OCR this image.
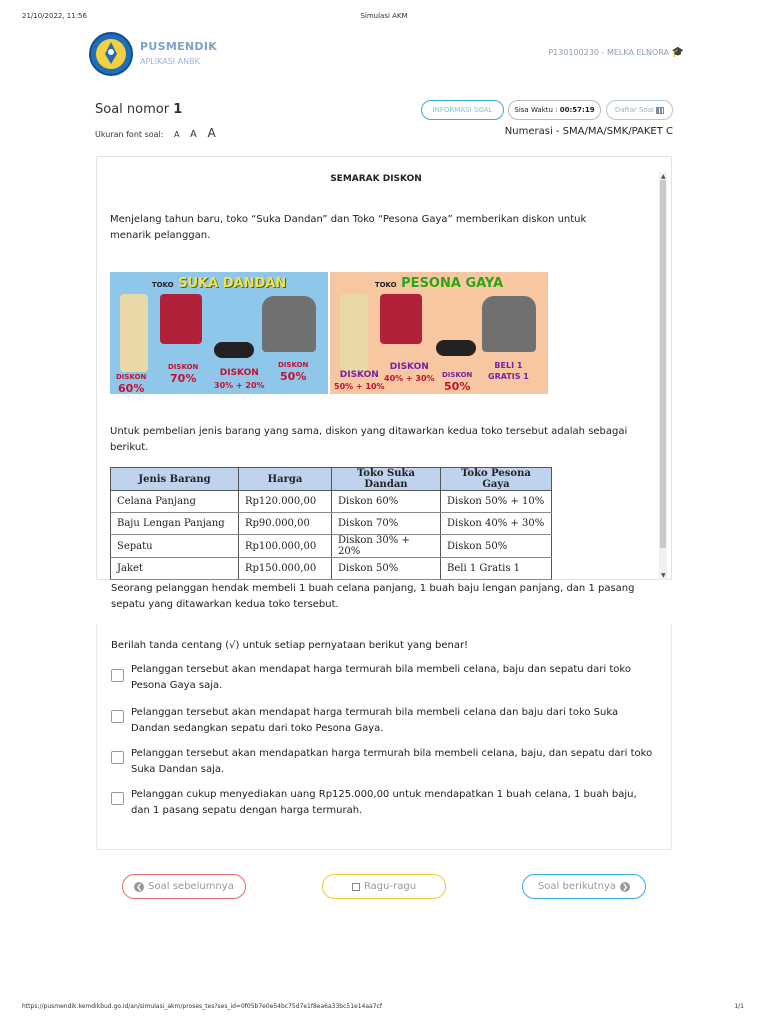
21/10/2022, 11:56	Simulasi AKM
PUSMENDIK
APLIKASI ANBK
P130100230 - MELKA ELNORA 🎓
Soal nomor 1
Ukuran font soal: A A A
INFORMASI SOAL	Sisa Waktu :
00:57:19	Daftar Soal

Numerasi - SMA/MA/SMK/PAKET C
▲
▼
SEMARAK DISKON
Menjelang tahun baru, toko “Suka Dandan” dan Toko “Pesona Gaya” memberikan diskon untuk menarik pelanggan.
TOKO SUKA DANDAN
DISKON
60%
DISKON
70%	DISKON
30% + 20%
DISKON
50%
TOKO PESONA GAYA
DISKON
50% + 10%
DISKON
40% + 30% DISKON
50%
BELI 1
GRATIS 1
Untuk pembelian jenis barang yang sama, diskon yang ditawarkan kedua toko tersebut adalah sebagai berikut.
Jenis Barang	Harga	Toko Suka Dandan	Toko Pesona Gaya
Celana Panjang	Rp120.000,00	Diskon 60%	Diskon 50% + 10%
Baju Lengan Panjang	Rp90.000,00	Diskon 70%	Diskon 40% + 30%
Sepatu	Rp100.000,00	Diskon 30% + 20%	Diskon 50%
Jaket	Rp150.000,00	Diskon 50%	Beli 1 Gratis 1
Seorang pelanggan hendak membeli 1 buah celana panjang, 1 buah baju lengan panjang, dan 1 pasang sepatu yang ditawarkan kedua toko tersebut.
Berilah tanda centang (√) untuk setiap pernyataan berikut yang benar!
Pelanggan tersebut akan mendapat harga termurah bila membeli celana, baju dan sepatu dari toko Pesona Gaya saja.
Pelanggan tersebut akan mendapat harga termurah bila membeli celana dan baju dari toko Suka Dandan sedangkan sepatu dari toko Pesona Gaya.
Pelanggan tersebut akan mendapatkan harga termurah bila membeli celana, baju, dan sepatu dari toko Suka Dandan saja.
Pelanggan cukup menyediakan uang Rp125.000,00 untuk mendapatkan 1 buah celana, 1 buah baju, dan 1 pasang sepatu dengan harga termurah.
❮ Soal sebelumnya	Ragu-ragu	Soal berikutnya ❯
https://pusmendik.kemdikbud.go.id/an/simulasi_akm/proses_tes?ses_id=0f05b7e0e54bc75d7e1f8ea6a33bc51e14aa7cf	1/1
